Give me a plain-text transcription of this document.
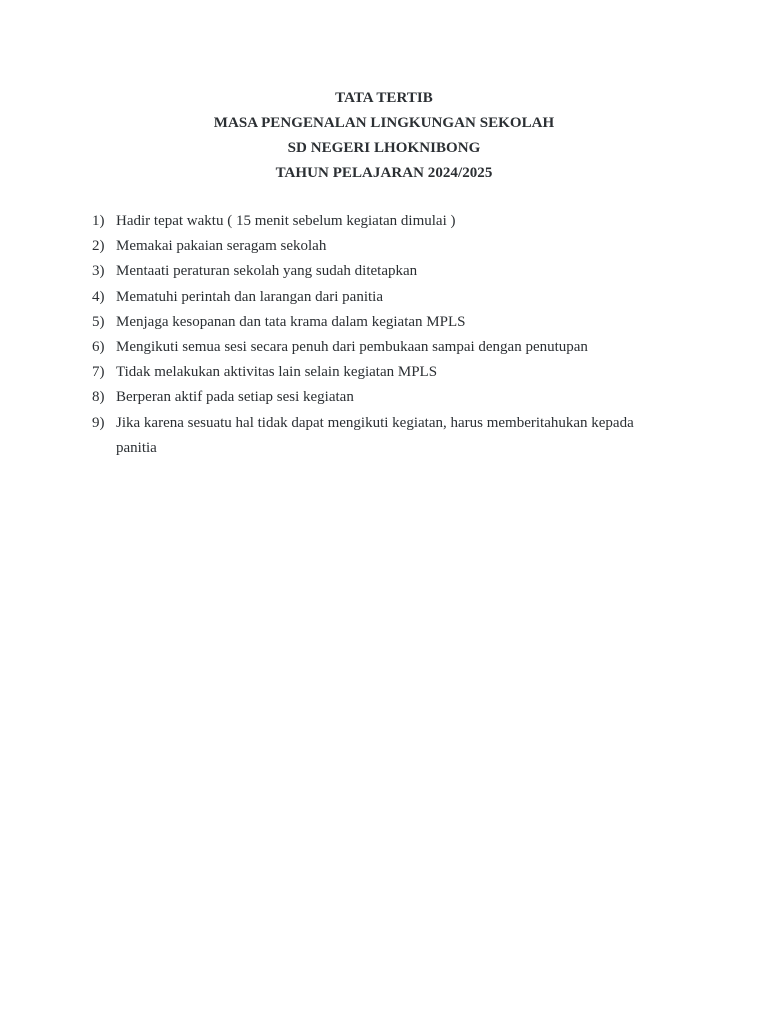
TATA TERTIB
MASA PENGENALAN LINGKUNGAN SEKOLAH
SD NEGERI LHOKNIBONG
TAHUN PELAJARAN 2024/2025
1) Hadir tepat waktu ( 15 menit sebelum kegiatan dimulai )
2) Memakai pakaian seragam sekolah
3) Mentaati peraturan sekolah yang sudah ditetapkan
4) Mematuhi perintah dan larangan dari panitia
5) Menjaga kesopanan dan tata krama dalam kegiatan MPLS
6) Mengikuti semua sesi secara penuh dari pembukaan sampai dengan penutupan
7) Tidak melakukan aktivitas lain selain kegiatan MPLS
8) Berperan aktif pada setiap sesi kegiatan
9) Jika karena sesuatu hal tidak dapat mengikuti kegiatan, harus memberitahukan kepada panitia
